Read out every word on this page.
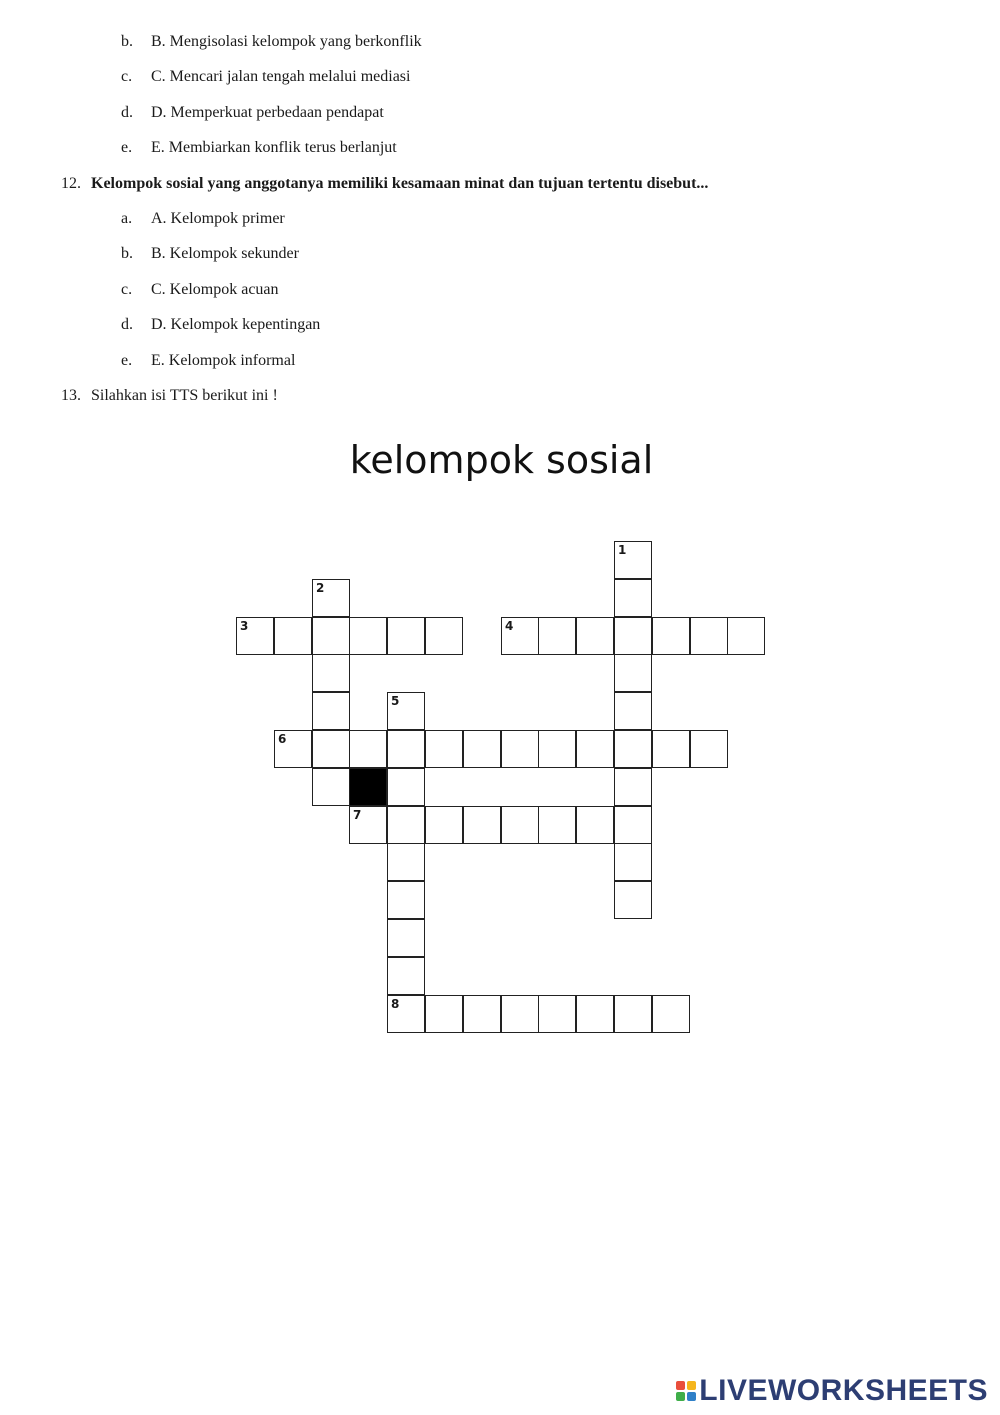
b. B. Mengisolasi kelompok yang berkonflik
c. C. Mencari jalan tengah melalui mediasi
d. D. Memperkuat perbedaan pendapat
e. E. Membiarkan konflik terus berlanjut
12. Kelompok sosial yang anggotanya memiliki kesamaan minat dan tujuan tertentu disebut...
a. A. Kelompok primer
b. B. Kelompok sekunder
c. C. Kelompok acuan
d. D. Kelompok kepentingan
e. E. Kelompok informal
13. Silahkan isi TTS berikut ini !
kelompok sosial
1
2
3	4
5
8
6
7
LIVEWORKSHEETS
